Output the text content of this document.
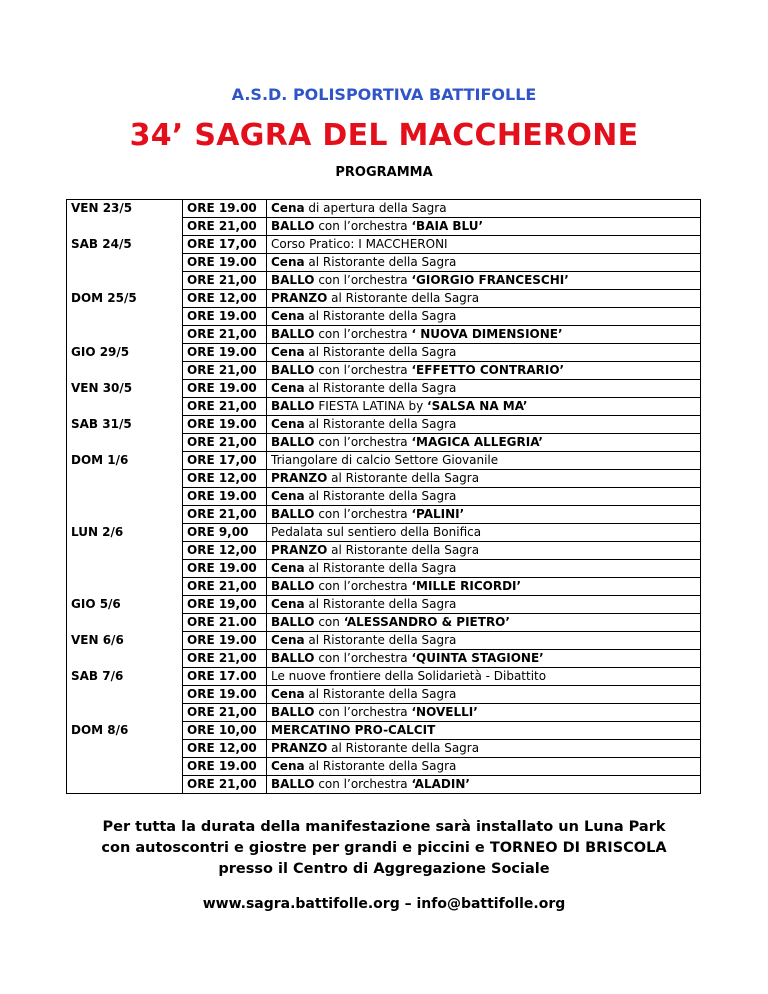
A.S.D. POLISPORTIVA BATTIFOLLE
34’ SAGRA DEL MACCHERONE
PROGRAMMA
VEN 23/5	ORE 19.00	Cena di apertura della Sagra
	ORE 21,00	BALLO con l’orchestra ‘BAIA BLU’
SAB 24/5	ORE 17,00	Corso Pratico: I MACCHERONI
	ORE 19.00	Cena al Ristorante della Sagra
	ORE 21,00	BALLO con l’orchestra ‘GIORGIO FRANCESCHI’
DOM 25/5	ORE 12,00	PRANZO al Ristorante della Sagra
	ORE 19.00	Cena al Ristorante della Sagra
	ORE 21,00	BALLO con l’orchestra ‘ NUOVA DIMENSIONE’
GIO 29/5	ORE 19.00	Cena al Ristorante della Sagra
	ORE 21,00	BALLO con l’orchestra ‘EFFETTO CONTRARIO’
VEN 30/5	ORE 19.00	Cena al Ristorante della Sagra
	ORE 21,00	BALLO FIESTA LATINA by ‘SALSA NA MA’
SAB 31/5	ORE 19.00	Cena al Ristorante della Sagra
	ORE 21,00	BALLO con l’orchestra ‘MAGICA ALLEGRIA’
DOM 1/6	ORE 17,00	Triangolare di calcio Settore Giovanile
	ORE 12,00	PRANZO al Ristorante della Sagra
	ORE 19.00	Cena al Ristorante della Sagra
	ORE 21,00	BALLO con l’orchestra ‘PALINI’
LUN 2/6	ORE 9,00	Pedalata sul sentiero della Bonifica
	ORE 12,00	PRANZO al Ristorante della Sagra
	ORE 19.00	Cena al Ristorante della Sagra
	ORE 21,00	BALLO con l’orchestra ‘MILLE RICORDI’
GIO 5/6	ORE 19,00	Cena al Ristorante della Sagra
	ORE 21.00	BALLO con ‘ALESSANDRO & PIETRO’
VEN 6/6	ORE 19.00	Cena al Ristorante della Sagra
	ORE 21,00	BALLO con l’orchestra ‘QUINTA STAGIONE’
SAB 7/6	ORE 17.00	Le nuove frontiere della Solidarietà - Dibattito
	ORE 19.00	Cena al Ristorante della Sagra
	ORE 21,00	BALLO con l’orchestra ‘NOVELLI’
DOM 8/6	ORE 10,00	MERCATINO PRO-CALCIT
	ORE 12,00	PRANZO al Ristorante della Sagra
	ORE 19.00	Cena al Ristorante della Sagra
	ORE 21,00	BALLO con l’orchestra ‘ALADIN’
Per tutta la durata della manifestazione sarà installato un Luna Park
con autoscontri e giostre per grandi e piccini e TORNEO DI BRISCOLA
presso il Centro di Aggregazione Sociale
www.sagra.battifolle.org – info@battifolle.org
